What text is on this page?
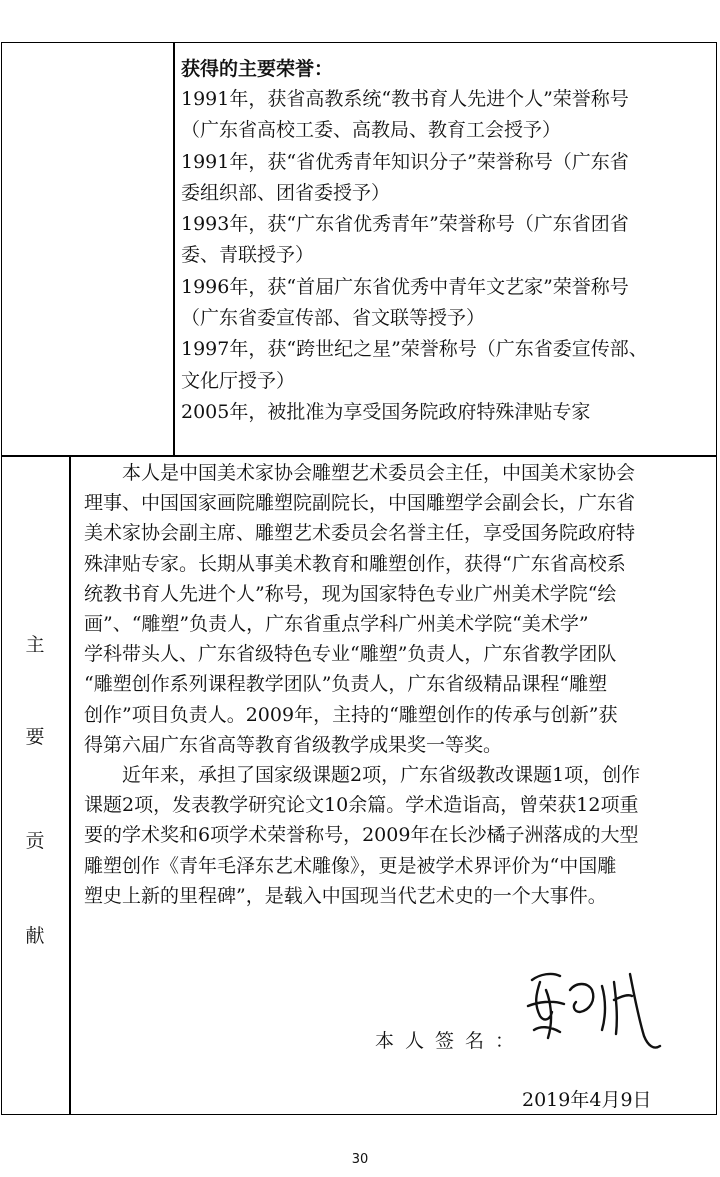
获得的主要荣誉：

1991年，获省高教系统“教书育人先进个人”荣誉称号

（广东省高校工委、高教局、教育工会授予）

1991年，获“省优秀青年知识分子”荣誉称号（广东省

委组织部、团省委授予）

1993年，获“广东省优秀青年”荣誉称号（广东省团省

委、青联授予）

1996年，获“首届广东省优秀中青年文艺家”荣誉称号

（广东省委宣传部、省文联等授予）

1997年，获“跨世纪之星”荣誉称号（广东省委宣传部、

文化厅授予）

2005年，被批准为享受国务院政府特殊津贴专家

主
要
贡
献

本人是中国美术家协会雕塑艺术委员会主任，中国美术家协会

理事、中国国家画院雕塑院副院长，中国雕塑学会副会长，广东省

美术家协会副主席、雕塑艺术委员会名誉主任，享受国务院政府特

殊津贴专家。长期从事美术教育和雕塑创作，获得“广东省高校系

统教书育人先进个人”称号，现为国家特色专业广州美术学院“绘

画”、“雕塑”负责人，广东省重点学科广州美术学院“美术学”

学科带头人、广东省级特色专业“雕塑”负责人，广东省教学团队

“雕塑创作系列课程教学团队”负责人，广东省级精品课程“雕塑

创作”项目负责人。2009年，主持的“雕塑创作的传承与创新”获

得第六届广东省高等教育省级教学成果奖一等奖。

近年来，承担了国家级课题2项，广东省级教改课题1项，创作

课题2项，发表教学研究论文10余篇。学术造诣高，曾荣获12项重

要的学术奖和6项学术荣誉称号，2009年在长沙橘子洲落成的大型

雕塑创作《青年毛泽东艺术雕像》，更是被学术界评价为“中国雕

塑史上新的里程碑”，是载入中国现当代艺术史的一个大事件。

本人签名：
2019年4月9日
30
